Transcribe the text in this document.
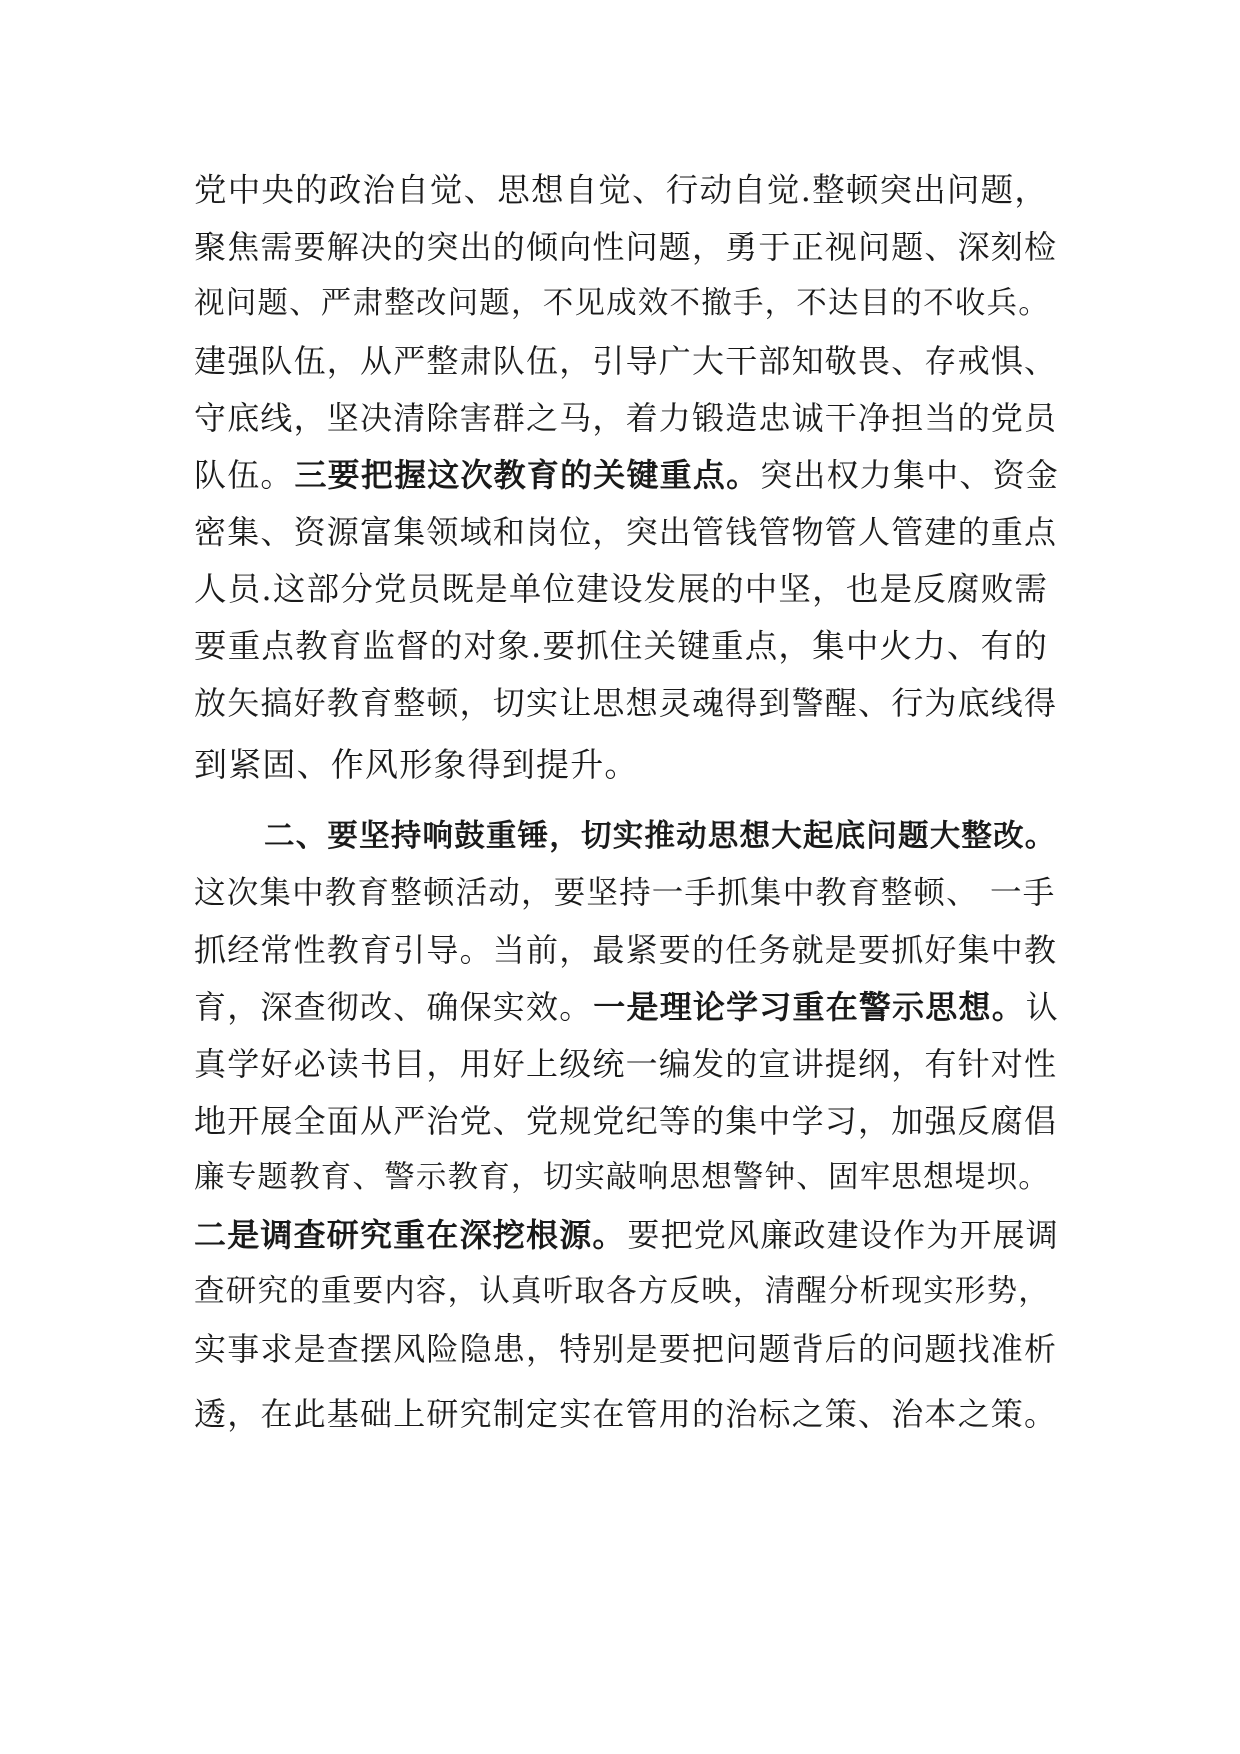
党中央的政治自觉、思想自觉、行动自觉.整顿突出问题，
聚焦需要解决的突出的倾向性问题，勇于正视问题、深刻检
视问题、严肃整改问题，不见成效不撤手，不达目的不收兵。
建强队伍，从严整肃队伍，引导广大干部知敬畏、存戒惧、
守底线，坚决清除害群之马，着力锻造忠诚干净担当的党员
队伍。 三要把握这次教育的关键重点。 突出权力集中、资金
密集、资源富集领域和岗位，突出管钱管物管人管建的重点
人员.这部分党员既是单位建设发展的中坚，也是反腐败需
要重点教育监督的对象.要抓住关键重点，集中火力、有的
放矢搞好教育整顿，切实让思想灵魂得到警醒、行为底线得
到紧固、作风形象得到提升。
二、要坚持响鼓重锤，切实推动思想大起底问题大整改。
这次集中教育整顿活动，要坚持一手抓集中教育整顿、 一手
抓经常性教育引导。当前，最紧要的任务就是要抓好集中教
育，深查彻改、确保实效。 一是理论学习重在警示思想。 认
真学好必读书目，用好上级统一编发的宣讲提纲，有针对性
地开展全面从严治党、党规党纪等的集中学习，加强反腐倡
廉专题教育、警示教育，切实敲响思想警钟、固牢思想堤坝。
二是调查研究重在深挖根源。 要把党风廉政建设作为开展调
查研究的重要内容，认真听取各方反映，清醒分析现实形势，
实事求是查摆风险隐患，特别是要把问题背后的问题找准析
透，在此基础上研究制定实在管用的治标之策、治本之策。
